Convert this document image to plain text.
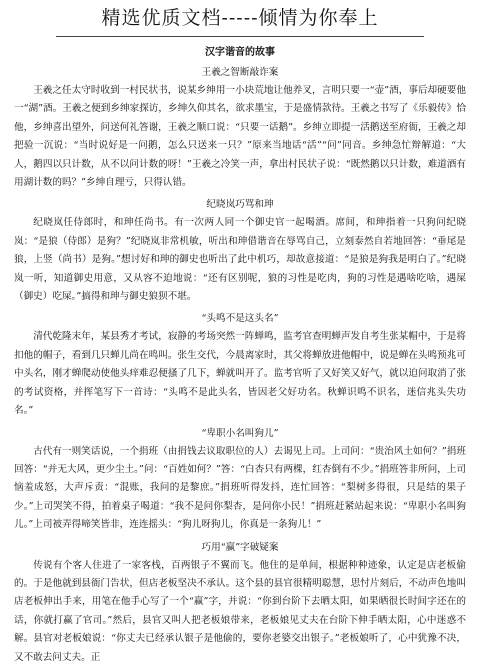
精选优质文档-----倾情为你奉上
汉字谐音的故事
王羲之智断敲诈案

王羲之任太守时收到一村民状书，说某乡绅用一小块荒地让他养叉，言明只要一“壶”酒，事后却硬要他一“湖”酒。王羲之便到乡绅家探访，乡绅久仰其名，欲求墨宝，于是盛情款待。王羲之书写了《乐毅传》恰他，乡绅喜出望外，问送何礼答谢，王羲之顺口说：“只要一话鹅”。乡绅立即提一活鹅送至府衙，王羲之却把验一沉说：“当时说好是一问鹅，怎么只送来一只？”原来当地话“活”“问”同音。乡绅急忙辩解道：“大人，鹅四以只计数，从不以问计数的呀！”王羲之冷笑一声，拿出村民状子说：“既然鹅以只计数，难道酒有用湖计数的吗？”乡绅自理亏，只得认错。

纪晓岚巧骂和珅

纪晓岚任侍郎时，和珅任尚书。有一次两人同一个御史官一起喝酒。席间，和珅指着一只狗问纪晓岚：“是狼（侍郎）是狗？”纪晓岚非常机敏，听出和珅借谐音在辱骂自己，立刻泰然自若地回答：“垂尾是狼，上竖（尚书）是狗。”想讨好和珅的御史也听出了此中机巧，却故意接道：“是狼是狗我是明白了。”纪晓岚一听，知道御史用意，又从容不迫地说：“还有区别呢，狼的习性是吃肉，狗的习性是遇啥吃啥，遇屎（御史）吃屎。”搞得和珅与御史狼狈不堪。

“头鸣不是这头名”

清代乾隆末年，某县秀才考试，寂静的考场突然一阵蝉鸣，监考官查明蝉声发自考生张某帽中，于是将扣他的帽子，看到几只蝉儿尚在鸣叫。张生交代，今晨离家时，其父将蝉放进他帽中，说是蝉在头鸣预兆可中头名，刚才蝉爬动使他头痒难忍便搔了几下，蝉就叫开了。监考官听了又好笑又好气，就以迫问取消了张的考试资格，并挥笔写下一首诗：“头鸣不是此头名，皆因老父好功名。秋蝉识鸣不识名，迷信兆头失功名。”

“卑职小名叫狗儿”

古代有一则笑话说，一个捐班（由捐钱去议取职位的人）去谒见上司。上司问：“贵治风土如何？”捐班回答：“并无大风，更少尘土。”问：“百姓如何？”答：“白杏只有两棵，红杏倒有不少。”捐班答非所问，上司恼羞成怒，大声斥责：“混账，我问的是黎庶。”捐班听得发抖，连忙回答：“梨树多得很，只是结的果子少。”上司哭笑不得，拍着桌子喝道：“我不是问你梨杏，是问你小民！”捐班赶紧站起来说：“卑职小名叫狗儿。”上司被弄得啼笑皆非，连连摇头：“狗儿呀狗儿，你真是一条狗儿！”

巧用“赢”字破疑案

传说有个客人住进了一家客栈，百两银子不翼而飞。他住的是单间，根据种种迹象，认定是店老板偷的。于是他就到县衙门告状，但店老板坚决不承认。这个县的县官很精明聪慧，思忖片刻后，不动声色地叫店老板伸出手来，用笔在他手心写了一个“赢”字，并说：“你到台阶下去晒太阳，如果晒很长时间字还在的话，你就打赢了官司。”然后，县官又叫人把老板娘带来，老板娘见丈夫在台阶下伸手晒太阳，心中迷惑不解。县官对老板娘说：“你丈夫已经承认银子是他偷的，要你老婆交出银子。”老板娘听了，心中犹豫不决，又不敢去问丈夫。正
